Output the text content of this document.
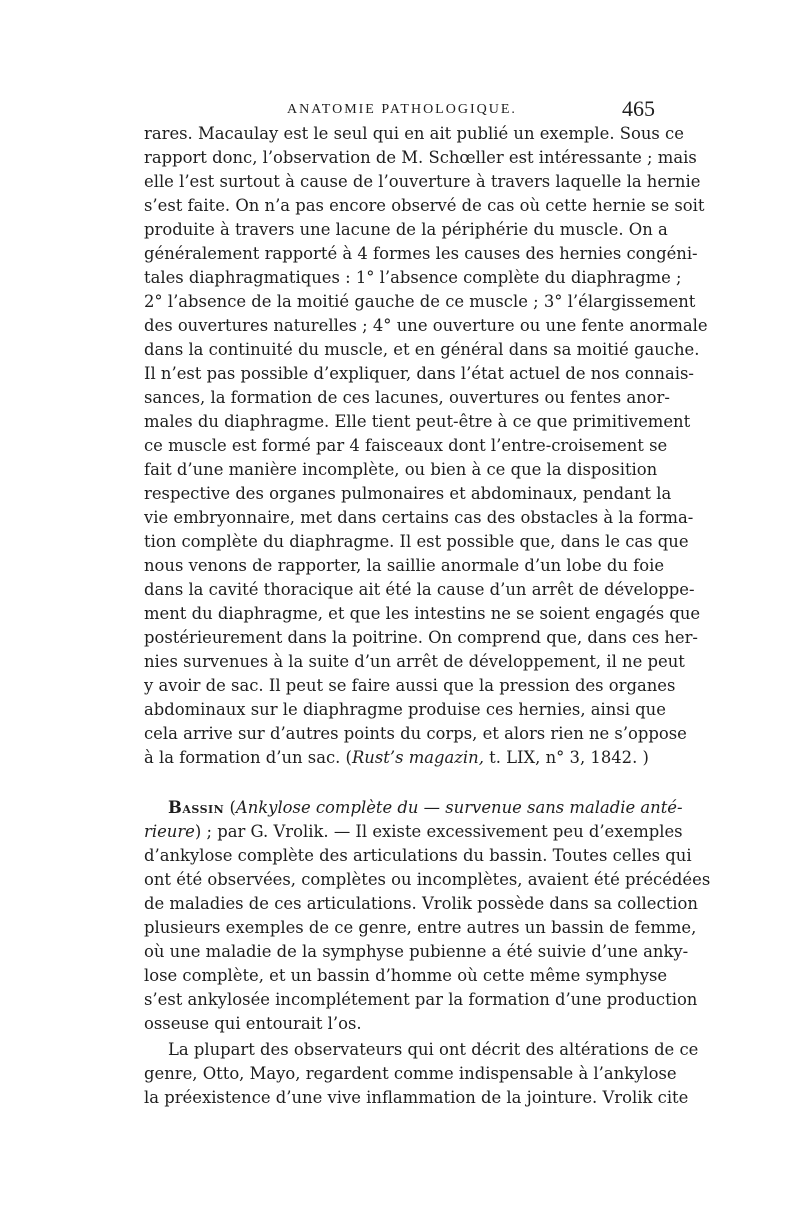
ANATOMIE PATHOLOGIQUE.	465
rares. Macaulay est le seul qui en ait publié un exemple. Sous ce
rapport donc, l’observation de M. Schœller est intéressante ; mais
elle l’est surtout à cause de l’ouverture à travers laquelle la hernie
s’est faite. On n’a pas encore observé de cas où cette hernie se soit
produite à travers une lacune de la périphérie du muscle. On a
généralement rapporté à 4 formes les causes des hernies congéni-
tales diaphragmatiques : 1° l’absence complète du diaphragme ;
2° l’absence de la moitié gauche de ce muscle ; 3° l’élargissement
des ouvertures naturelles ; 4° une ouverture ou une fente anormale
dans la continuité du muscle, et en général dans sa moitié gauche.
Il n’est pas possible d’expliquer, dans l’état actuel de nos connais-
sances, la formation de ces lacunes, ouvertures ou fentes anor-
males du diaphragme. Elle tient peut-être à ce que primitivement
ce muscle est formé par 4 faisceaux dont l’entre-croisement se
fait d’une manière incomplète, ou bien à ce que la disposition
respective des organes pulmonaires et abdominaux, pendant la
vie embryonnaire, met dans certains cas des obstacles à la forma-
tion complète du diaphragme. Il est possible que, dans le cas que
nous venons de rapporter, la saillie anormale d’un lobe du foie
dans la cavité thoracique ait été la cause d’un arrêt de développe-
ment du diaphragme, et que les intestins ne se soient engagés que
postérieurement dans la poitrine. On comprend que, dans ces her-
nies survenues à la suite d’un arrêt de développement, il ne peut
y avoir de sac. Il peut se faire aussi que la pression des organes
abdominaux sur le diaphragme produise ces hernies, ainsi que
cela arrive sur d’autres points du corps, et alors rien ne s’oppose
à la formation d’un sac. (Rust’s magazin, t. LIX, n° 3, 1842. )
Bassin (Ankylose complète du — survenue sans maladie anté-
rieure) ; par G. Vrolik. — Il existe excessivement peu d’exemples
d’ankylose complète des articulations du bassin. Toutes celles qui
ont été observées, complètes ou incomplètes, avaient été précédées
de maladies de ces articulations. Vrolik possède dans sa collection
plusieurs exemples de ce genre, entre autres un bassin de femme,
où une maladie de la symphyse pubienne a été suivie d’une anky-
lose complète, et un bassin d’homme où cette même symphyse
s’est ankylosée incomplétement par la formation d’une production
osseuse qui entourait l’os.
La plupart des observateurs qui ont décrit des altérations de ce
genre, Otto, Mayo, regardent comme indispensable à l’ankylose
la préexistence d’une vive inflammation de la jointure. Vrolik cite
